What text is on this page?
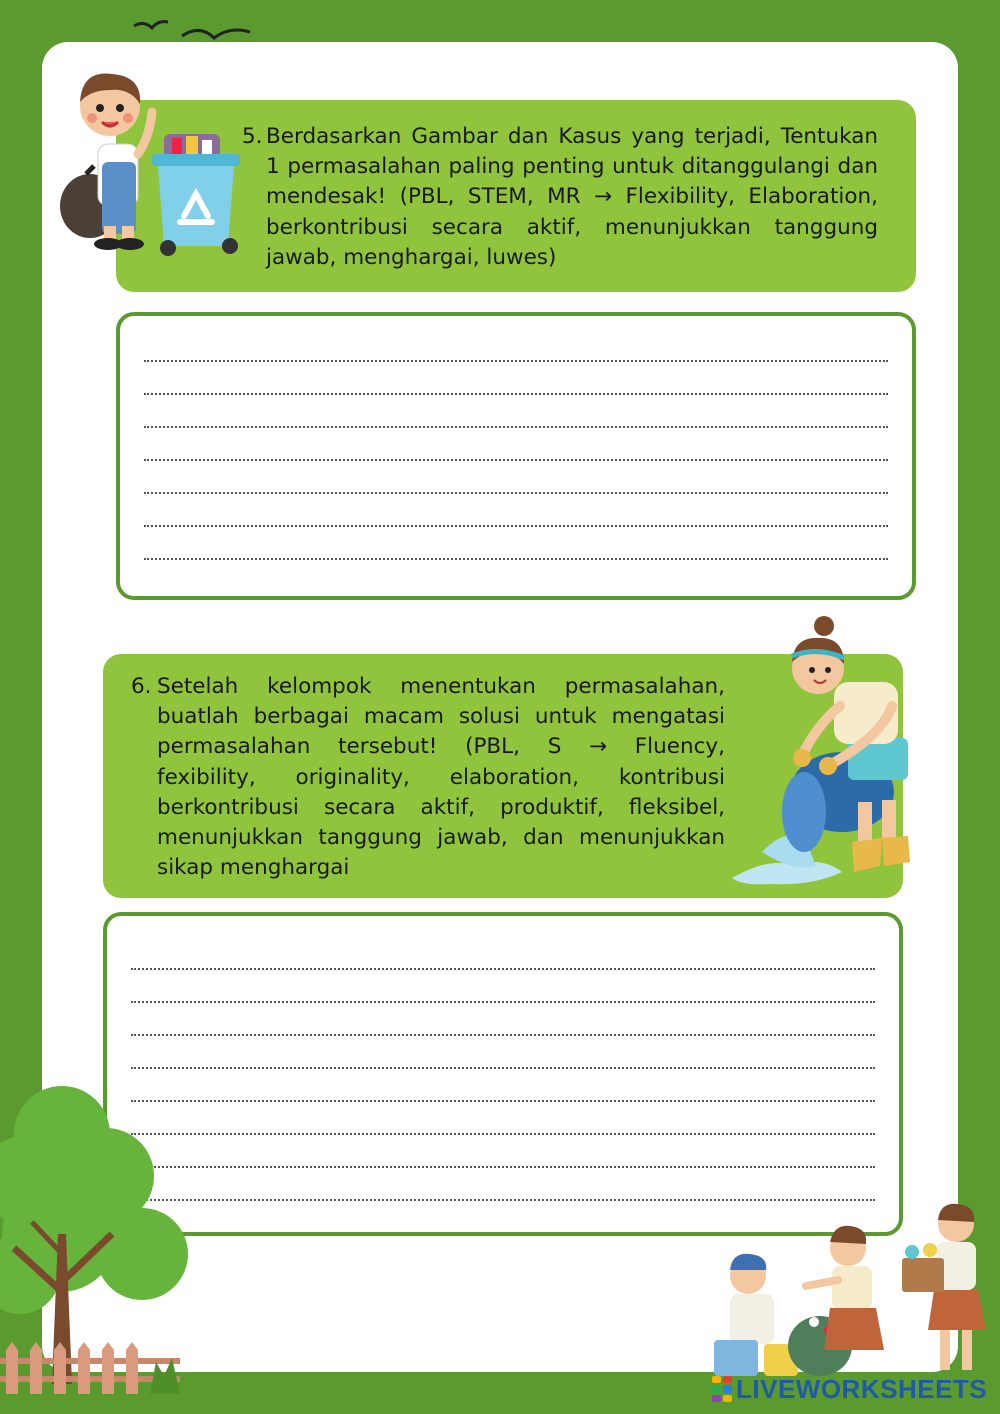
5. Berdasarkan Gambar dan Kasus yang terjadi, Tentukan 1 permasalahan paling penting untuk ditanggulangi dan mendesak! (PBL, STEM, MR → Flexibility, Elaboration, berkontribusi secara aktif, menunjukkan tanggung jawab, menghargai, luwes)
6. Setelah kelompok menentukan permasalahan, buatlah berbagai macam solusi untuk mengatasi permasalahan tersebut! (PBL, S → Fluency, fexibility, originality, elaboration, kontribusi berkontribusi secara aktif, produktif, fleksibel, menunjukkan tanggung jawab, dan menunjukkan sikap menghargai
LIVEWORKSHEETS
